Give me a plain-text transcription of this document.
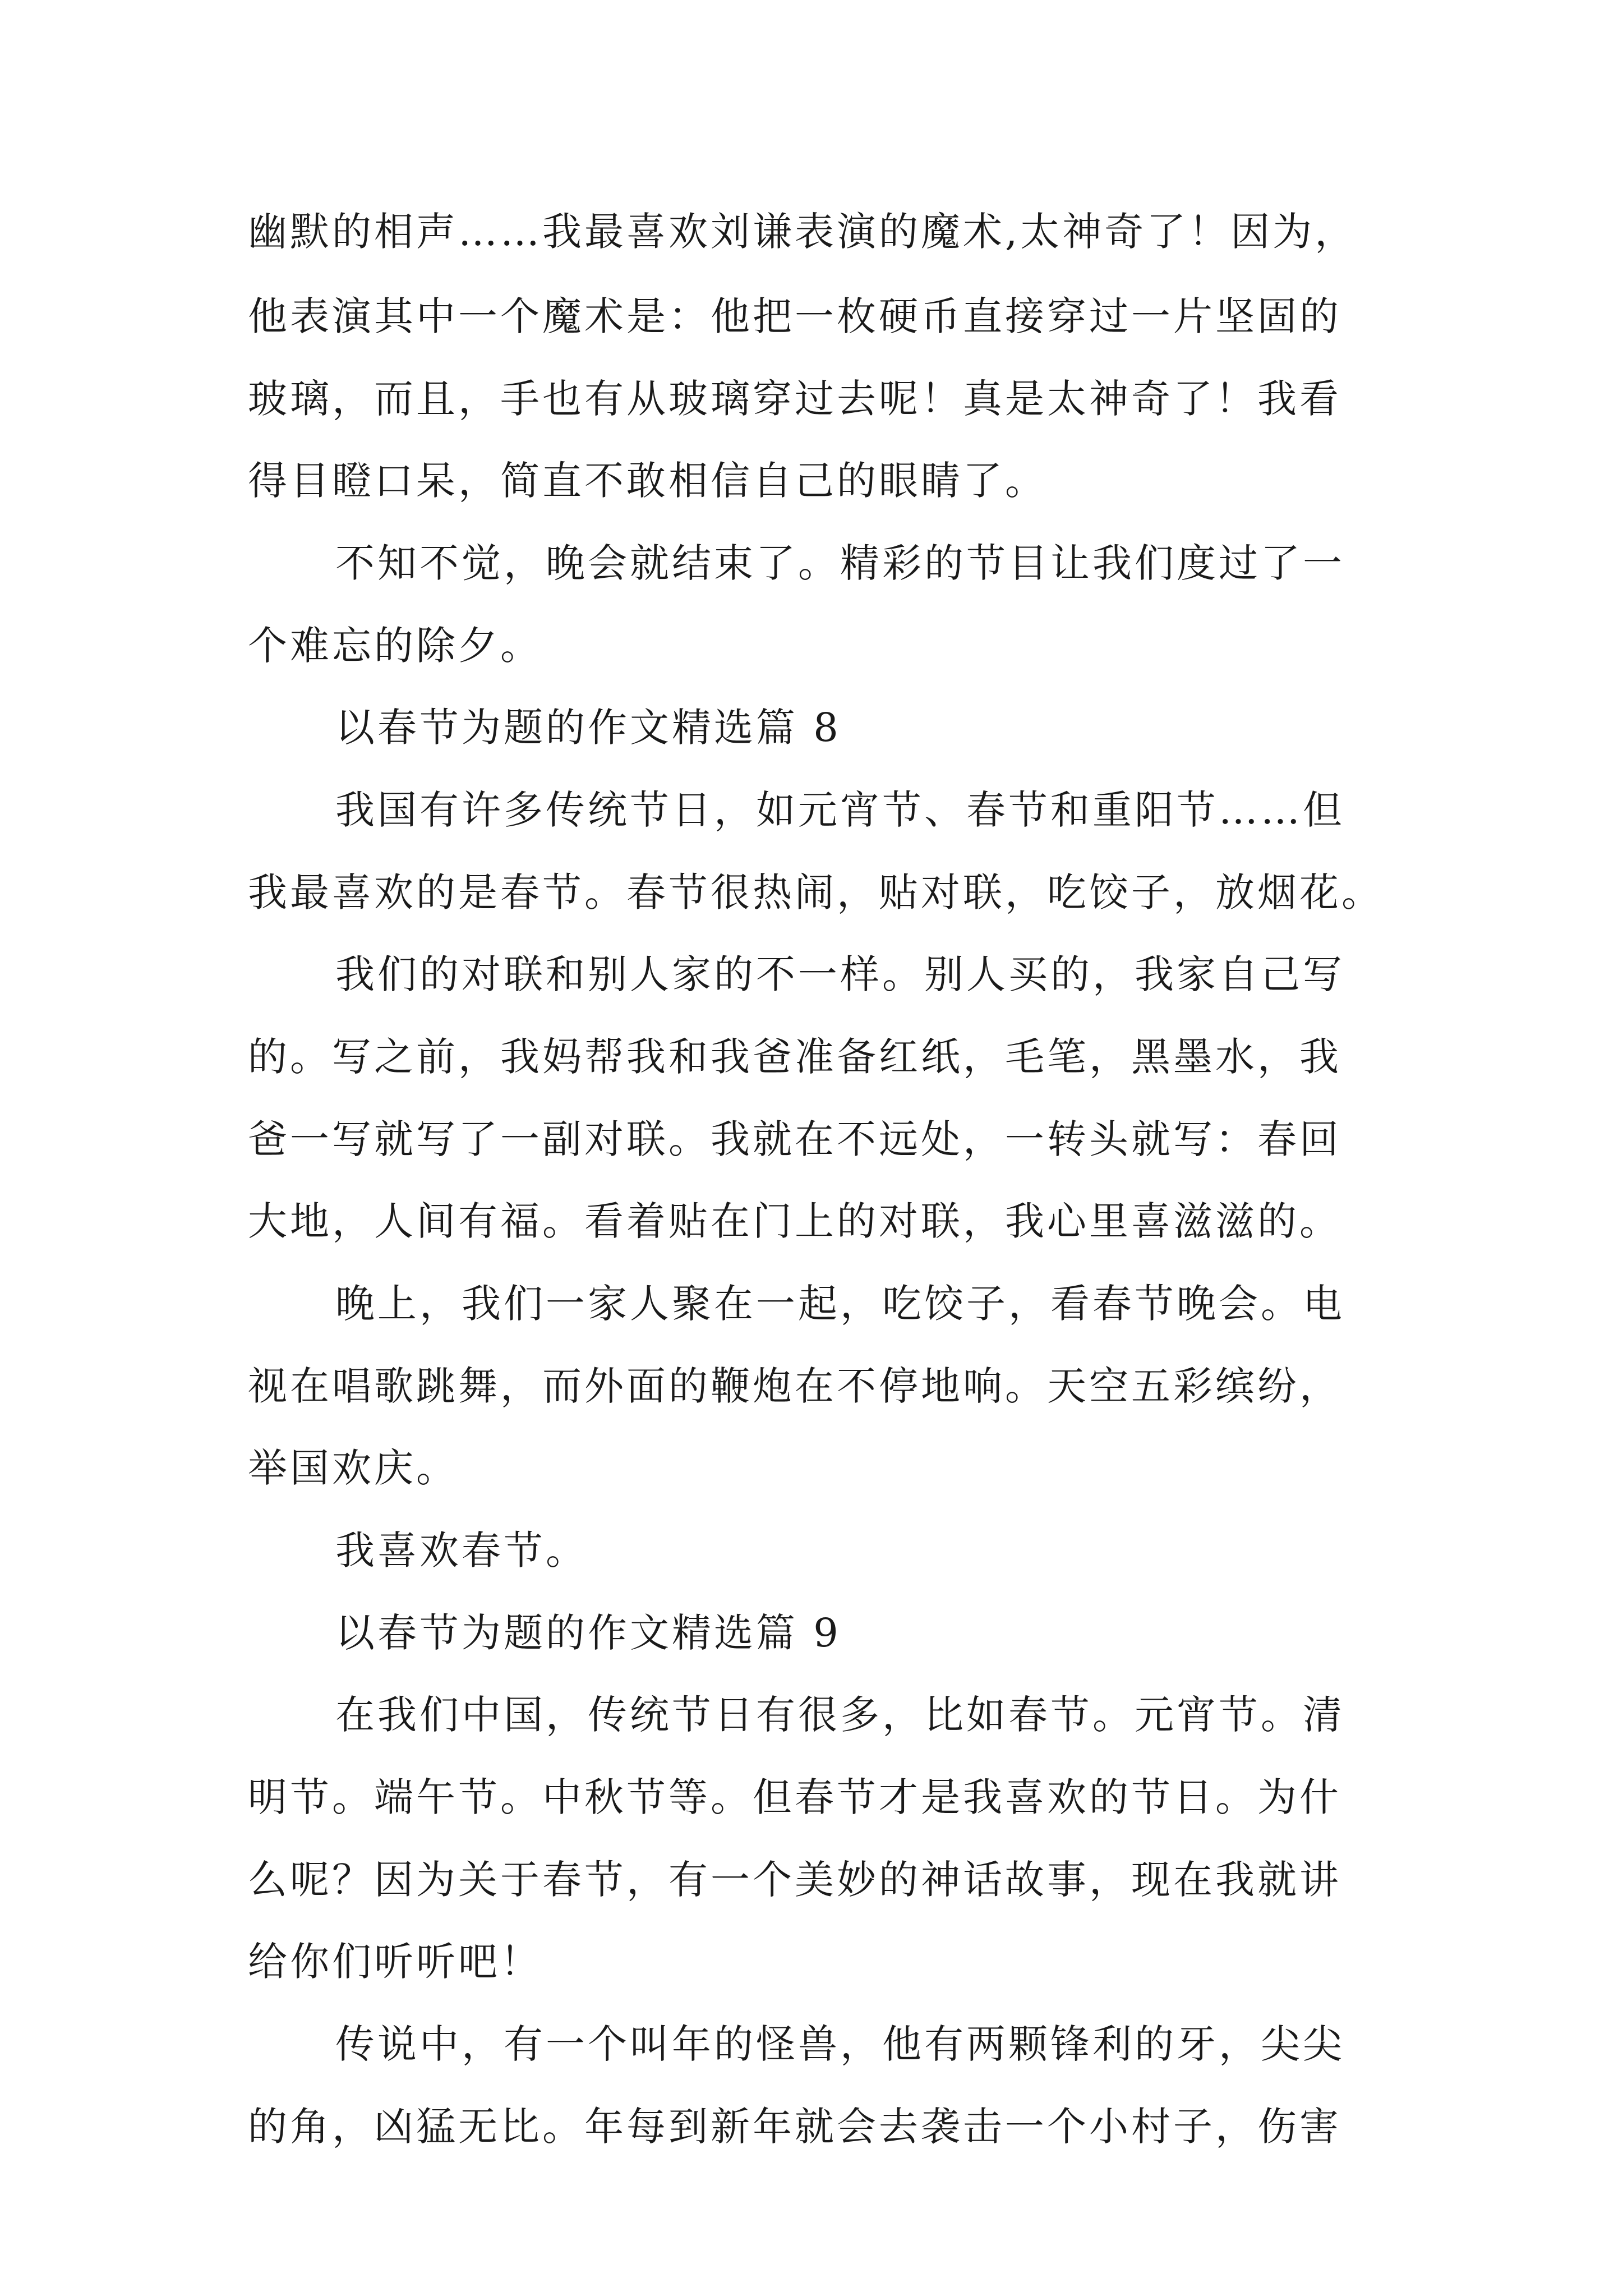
幽默的相声……我最喜欢刘谦表演的魔术,太神奇了！因为，
他表演其中一个魔术是：他把一枚硬币直接穿过一片坚固的
玻璃，而且，手也有从玻璃穿过去呢！真是太神奇了！我看
得目瞪口呆，简直不敢相信自己的眼睛了。
不知不觉，晚会就结束了。精彩的节目让我们度过了一
个难忘的除夕。
以春节为题的作文精选篇 8
我国有许多传统节日，如元宵节、春节和重阳节……但
我最喜欢的是春节。春节很热闹，贴对联，吃饺子，放烟花。
我们的对联和别人家的不一样。别人买的，我家自己写
的。写之前，我妈帮我和我爸准备红纸，毛笔，黑墨水，我
爸一写就写了一副对联。我就在不远处，一转头就写：春回
大地，人间有福。看着贴在门上的对联，我心里喜滋滋的。
晚上，我们一家人聚在一起，吃饺子，看春节晚会。电
视在唱歌跳舞，而外面的鞭炮在不停地响。天空五彩缤纷，
举国欢庆。
我喜欢春节。
以春节为题的作文精选篇 9
在我们中国，传统节日有很多，比如春节。元宵节。清
明节。端午节。中秋节等。但春节才是我喜欢的节日。为什
么呢？因为关于春节，有一个美妙的神话故事，现在我就讲
给你们听听吧！
传说中，有一个叫年的怪兽，他有两颗锋利的牙，尖尖
的角，凶猛无比。年每到新年就会去袭击一个小村子，伤害
